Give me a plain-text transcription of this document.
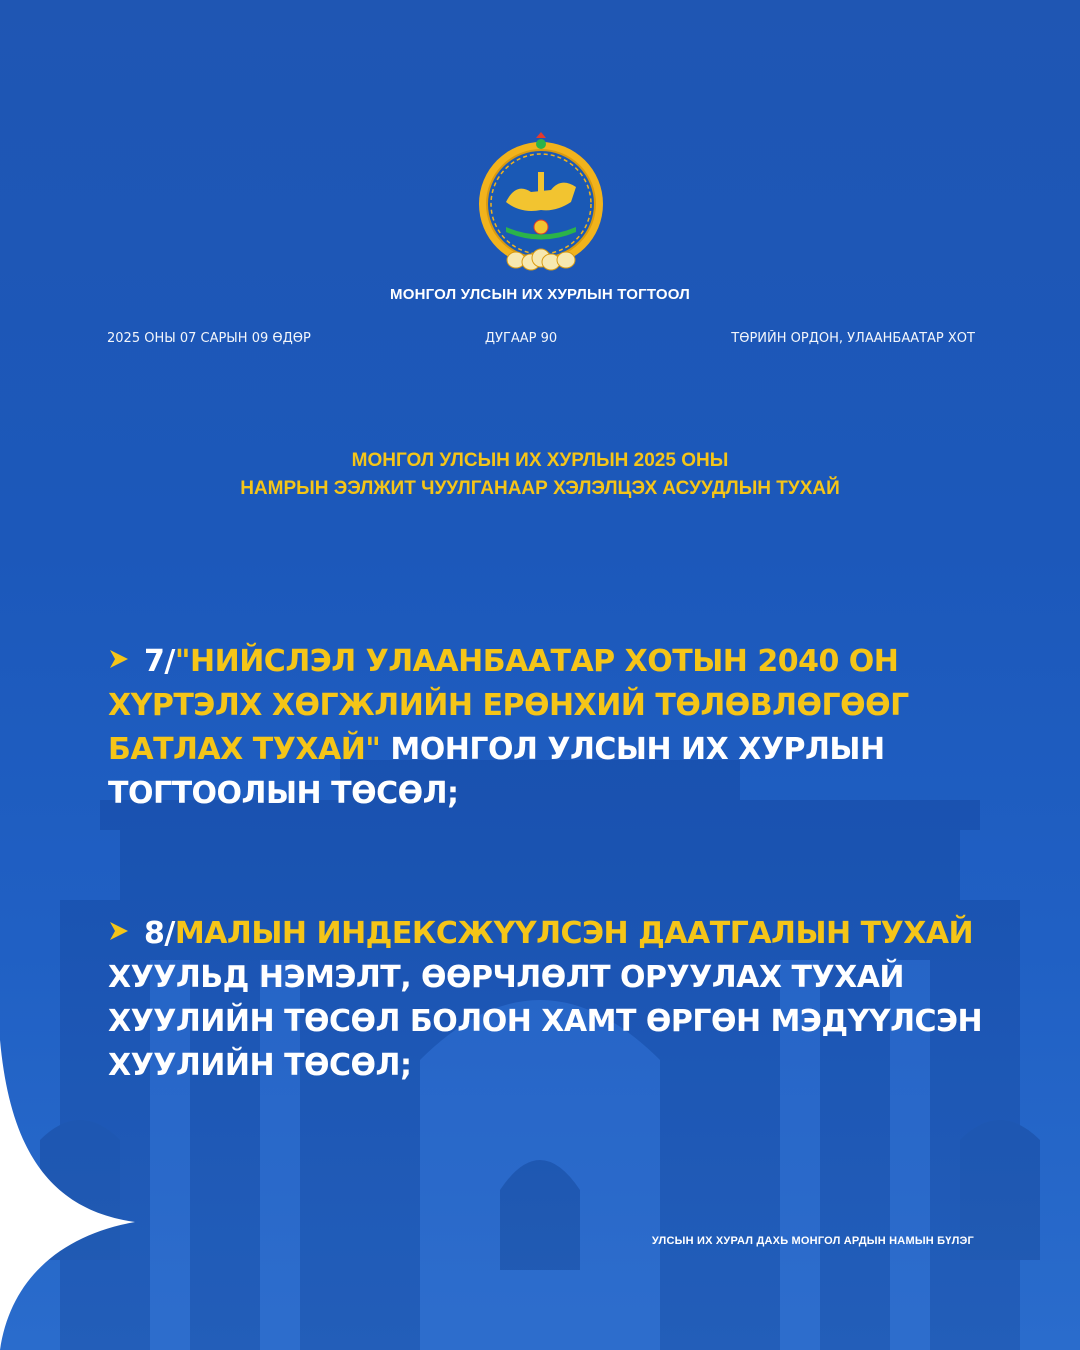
МОНГОЛ УЛСЫН ИХ ХУРЛЫН ТОГТООЛ
2025 ОНЫ 07 САРЫН 09 ӨДӨР	ДУГААР 90	ТӨРИЙН ОРДОН, УЛААНБААТАР ХОТ
МОНГОЛ УЛСЫН ИХ ХУРЛЫН 2025 ОНЫ
НАМРЫН ЭЭЛЖИТ ЧУУЛГАНААР ХЭЛЭЛЦЭХ АСУУДЛЫН ТУХАЙ
7/"НИЙСЛЭЛ УЛААНБААТАР ХОТЫН 2040 ОН ХҮРТЭЛХ ХӨГЖЛИЙН ЕРӨНХИЙ ТӨЛӨВЛӨГӨӨГ БАТЛАХ ТУХАЙ" МОНГОЛ УЛСЫН ИХ ХУРЛЫН ТОГТООЛЫН ТӨСӨЛ;
8/МАЛЫН ИНДЕКСЖҮҮЛСЭН ДААТГАЛЫН ТУХАЙ ХУУЛЬД НЭМЭЛТ, ӨӨРЧЛӨЛТ ОРУУЛАХ ТУХАЙ ХУУЛИЙН ТӨСӨЛ БОЛОН ХАМТ ӨРГӨН МЭДҮҮЛСЭН ХУУЛИЙН ТӨСӨЛ;
УЛСЫН ИХ ХУРАЛ ДАХЬ МОНГОЛ АРДЫН НАМЫН БҮЛЭГ
